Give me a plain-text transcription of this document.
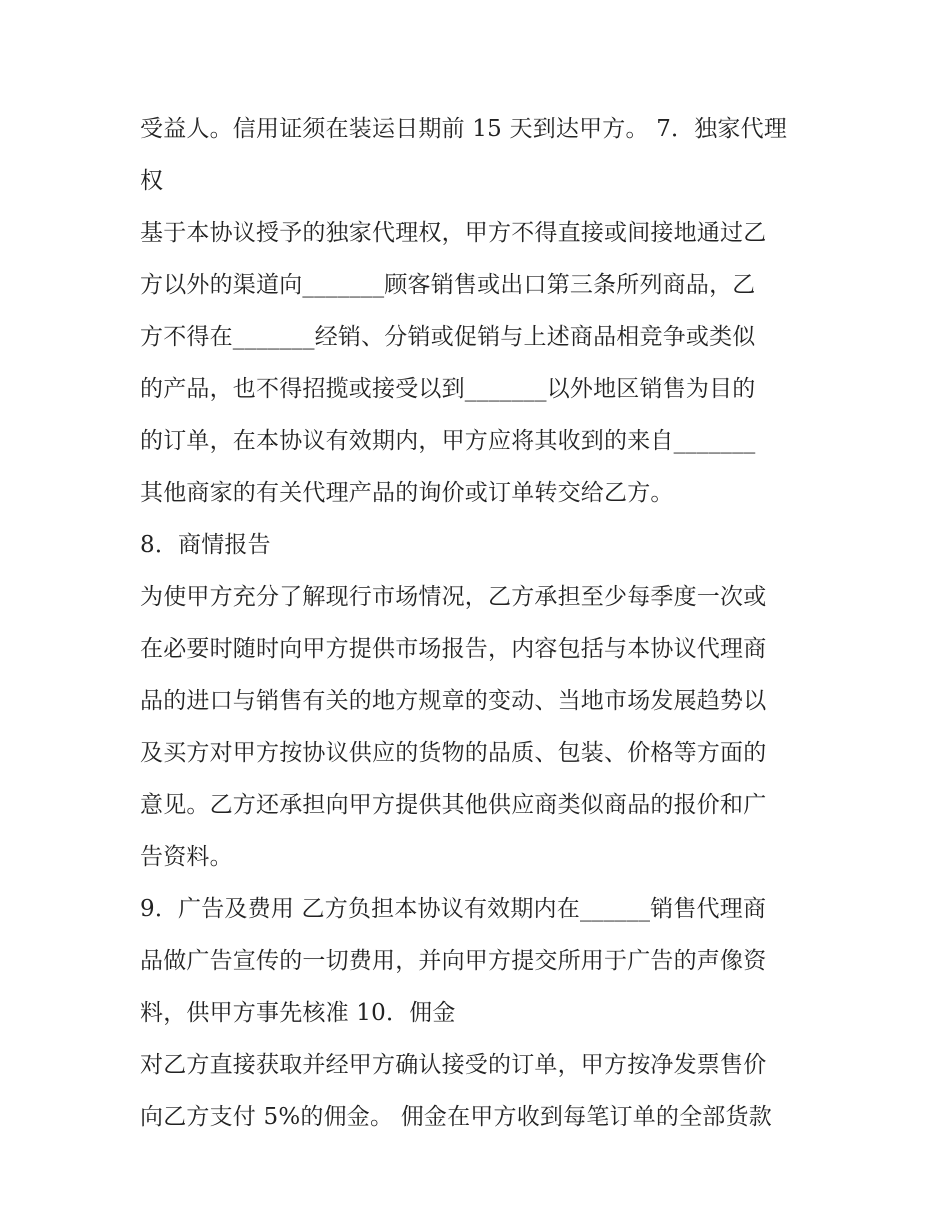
受益人。信用证须在装运日期前 15 天到达甲方。 7．独家代理
权
基于本协议授予的独家代理权，甲方不得直接或间接地通过乙
方以外的渠道向_______顾客销售或出口第三条所列商品，乙
方不得在_______经销、分销或促销与上述商品相竞争或类似
的产品，也不得招揽或接受以到_______以外地区销售为目的
的订单，在本协议有效期内，甲方应将其收到的来自_______
其他商家的有关代理产品的询价或订单转交给乙方。
8．商情报告
为使甲方充分了解现行市场情况，乙方承担至少每季度一次或
在必要时随时向甲方提供市场报告，内容包括与本协议代理商
品的进口与销售有关的地方规章的变动、当地市场发展趋势以
及买方对甲方按协议供应的货物的品质、包装、价格等方面的
意见。乙方还承担向甲方提供其他供应商类似商品的报价和广
告资料。
9．广告及费用 乙方负担本协议有效期内在______销售代理商
品做广告宣传的一切费用，并向甲方提交所用于广告的声像资
料，供甲方事先核准 10．佣金
对乙方直接获取并经甲方确认接受的订单，甲方按净发票售价
向乙方支付 5%的佣金。 佣金在甲方收到每笔订单的全部货款
